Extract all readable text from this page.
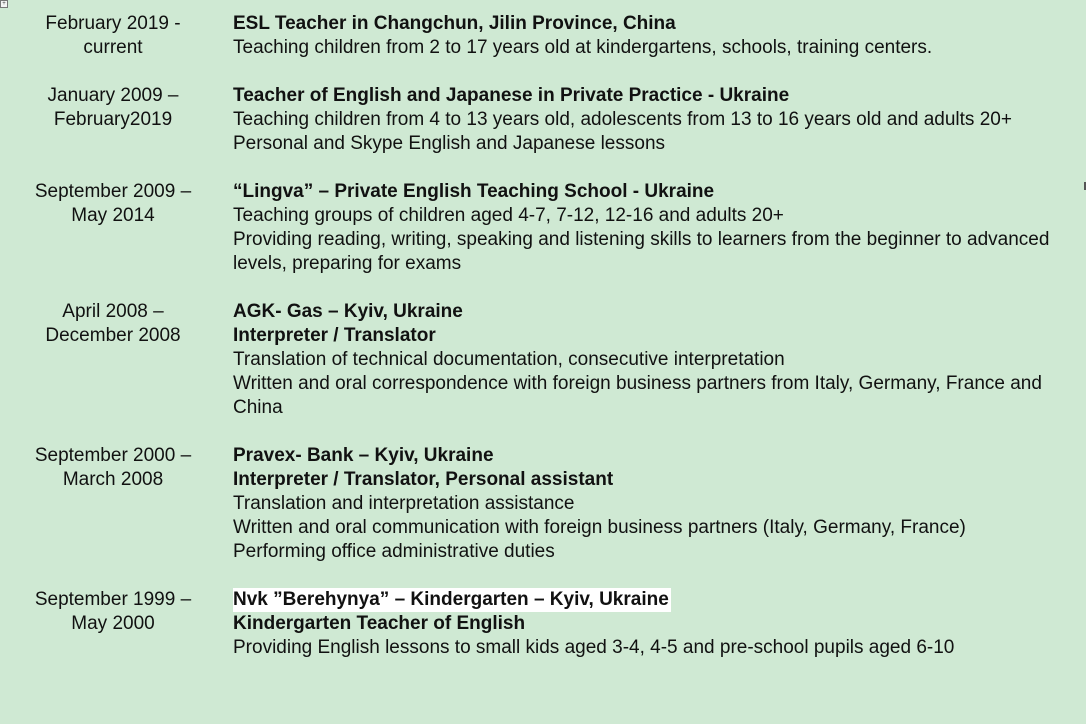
+
February 2019 -
current
ESL Teacher in Changchun, Jilin Province, China
Teaching children from 2 to 17 years old at kindergartens, schools, training centers.
January 2009 –
February2019
Teacher of English and Japanese in Private Practice - Ukraine
Teaching children from 4 to 13 years old, adolescents from 13 to 16 years old and adults 20+
Personal and Skype English and Japanese lessons
September 2009 –
May 2014
“Lingva” – Private English Teaching School - Ukraine
Teaching groups of children aged 4-7, 7-12, 12-16 and adults 20+
Providing reading, writing, speaking and listening skills to learners from the beginner to advanced levels, preparing for exams
April 2008 –
December 2008
AGK- Gas – Kyiv, Ukraine
Interpreter / Translator
Translation of technical documentation, consecutive interpretation
Written and oral correspondence with foreign business partners from Italy, Germany, France and China
September 2000 –
March 2008
Pravex- Bank – Kyiv, Ukraine
Interpreter / Translator, Personal assistant
Translation and interpretation assistance
Written and oral communication with foreign business partners (Italy, Germany, France)
Performing office administrative duties
September 1999 –
May 2000
Nvk ”Berehynya” – Kindergarten – Kyiv, Ukraine
Kindergarten Teacher of English
Providing English lessons to small kids aged 3-4, 4-5 and pre-school pupils aged 6-10
